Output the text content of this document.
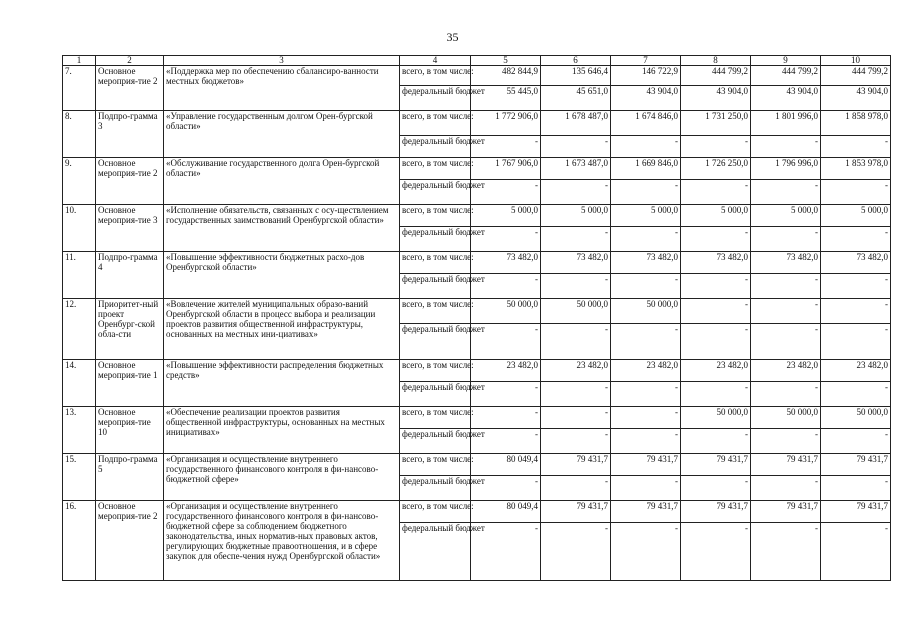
35
1	2	3	4	5	6	7	8	9	10
7.	Основное мероприя-тие 2	«Поддержка мер по обеспечению сбалансиро-ванности местных бюджетов»	всего, в том числе:	482 844,9	135 646,4	146 722,9	444 799,2	444 799,2	444 799,2
			федеральный бюджет	55 445,0	45 651,0	43 904,0	43 904,0	43 904,0	43 904,0
8.	Подпро-грамма 3	«Управление государственным долгом Орен-бургской области»	всего, в том числе:	1 772 906,0	1 678 487,0	1 674 846,0	1 731 250,0	1 801 996,0	1 858 978,0
			федеральный бюджет	-	-	-	-	-	-
9.	Основное мероприя-тие 2	«Обслуживание государственного долга Орен-бургской области»	всего, в том числе:	1 767 906,0	1 673 487,0	1 669 846,0	1 726 250,0	1 796 996,0	1 853 978,0
			федеральный бюджет	-	-	-	-	-	-
10.	Основное мероприя-тие 3	«Исполнение обязательств, связанных с осу-ществлением государственных заимствований Оренбургской области»	всего, в том числе:	5 000,0	5 000,0	5 000,0	5 000,0	5 000,0	5 000,0
			федеральный бюджет	-	-	-	-	-	-
11.	Подпро-грамма 4	«Повышение эффективности бюджетных расхо-дов Оренбургской области»	всего, в том числе:	73 482,0	73 482,0	73 482,0	73 482,0	73 482,0	73 482,0
			федеральный бюджет	-	-	-	-	-	-
12.	Приоритет-ный проект Оренбург-ской обла-сти	«Вовлечение жителей муниципальных образо-ваний Оренбургской области в процесс выбора и реализации проектов развития общественной инфраструктуры, основанных на местных ини-циативах»	всего, в том числе:	50 000,0	50 000,0	50 000,0	-	-	-
			федеральный бюджет	-	-	-	-	-	-
14.	Основное мероприя-тие 1	«Повышение эффективности распределения бюджетных средств»	всего, в том числе:	23 482,0	23 482,0	23 482,0	23 482,0	23 482,0	23 482,0
			федеральный бюджет	-	-	-	-	-	-
13.	Основное мероприя-тие 10	«Обеспечение реализации проектов развития общественной инфраструктуры, основанных на местных инициативах»	всего, в том числе:	-	-	-	50 000,0	50 000,0	50 000,0
			федеральный бюджет	-	-	-	-	-	-
15.	Подпро-грамма 5	«Организация и осуществление внутреннего государственного финансового контроля в фи-нансово-бюджетной сфере»	всего, в том числе:	80 049,4	79 431,7	79 431,7	79 431,7	79 431,7	79 431,7
			федеральный бюджет	-	-	-	-	-	-
16.	Основное мероприя-тие 2	«Организация и осуществление внутреннего государственного финансового контроля в фи-нансово-бюджетной сфере за соблюдением бюджетного законодательства, иных норматив-ных правовых актов, регулирующих бюджетные правоотношения, и в сфере закупок для обеспе-чения нужд Оренбургской области»	всего, в том числе:	80 049,4	79 431,7	79 431,7	79 431,7	79 431,7	79 431,7
			федеральный бюджет	-	-	-	-	-	-
